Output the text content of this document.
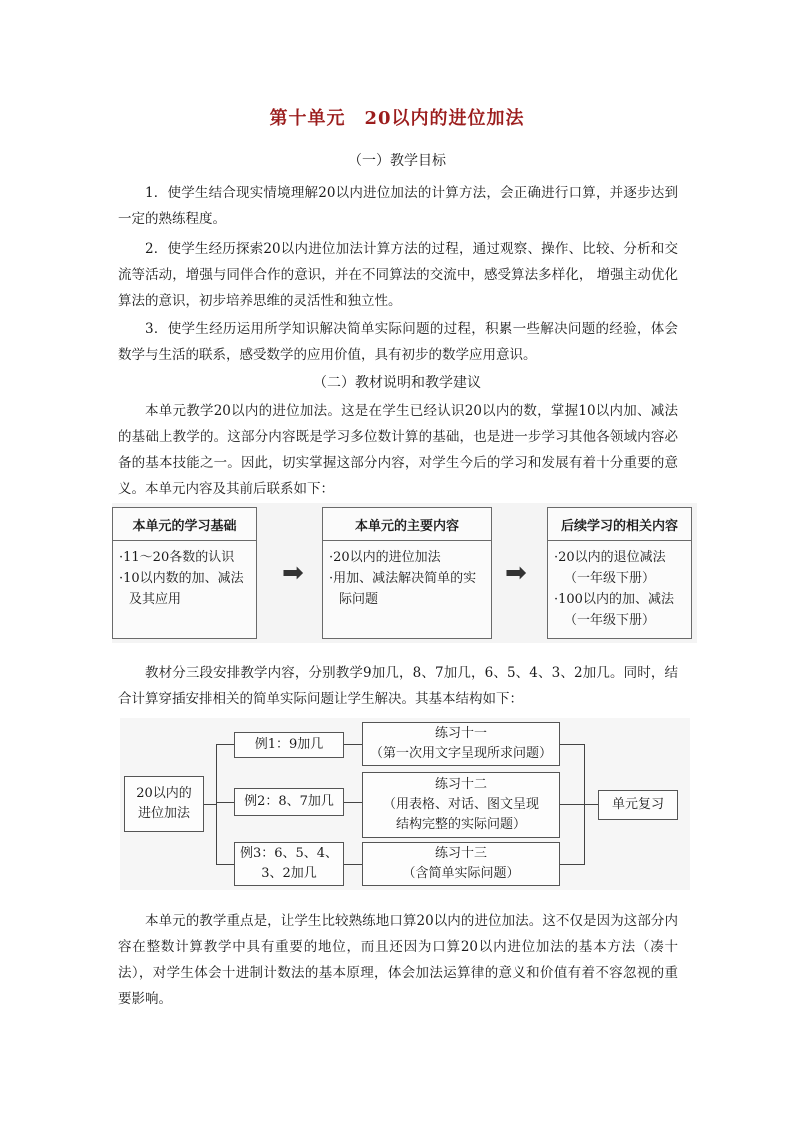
第十单元　20以内的进位加法
（一）教学目标
1．使学生结合现实情境理解20以内进位加法的计算方法，会正确进行口算，并逐步达到一定的熟练程度。
2．使学生经历探索20以内进位加法计算方法的过程，通过观察、操作、比较、分析和交流等活动，增强与同伴合作的意识，并在不同算法的交流中，感受算法多样化， 增强主动优化算法的意识，初步培养思维的灵活性和独立性。
3．使学生经历运用所学知识解决简单实际问题的过程，积累一些解决问题的经验，体会数学与生活的联系，感受数学的应用价值，具有初步的数学应用意识。
（二）教材说明和教学建议
本单元教学20以内的进位加法。这是在学生已经认识20以内的数，掌握10以内加、减法的基础上教学的。这部分内容既是学习多位数计算的基础，也是进一步学习其他各领域内容必备的基本技能之一。因此，切实掌握这部分内容，对学生今后的学习和发展有着十分重要的意义。本单元内容及其前后联系如下：
本单元的学习基础
·11～20各数的认识
·10以内数的加、减法及其应用
➡
本单元的主要内容
·20以内的进位加法
·用加、减法解决简单的实际问题
➡
后续学习的相关内容
·20以内的退位减法（一年级下册）
·100以内的加、减法（一年级下册）
教材分三段安排教学内容，分别教学9加几，8、7加几，6、5、4、3、2加几。同时，结合计算穿插安排相关的简单实际问题让学生解决。其基本结构如下：
20以内的
进位加法
例1：9加几
例2：8、7加几
例3：6、5、4、
3、2加几
练习十一
（第一次用文字呈现所求问题）
练习十二
（用表格、对话、图文呈现
结构完整的实际问题）
练习十三
（含简单实际问题）
单元复习
本单元的教学重点是，让学生比较熟练地口算20以内的进位加法。这不仅是因为这部分内容在整数计算教学中具有重要的地位，而且还因为口算20以内进位加法的基本方法（凑十法），对学生体会十进制计数法的基本原理，体会加法运算律的意义和价值有着不容忽视的重要影响。
